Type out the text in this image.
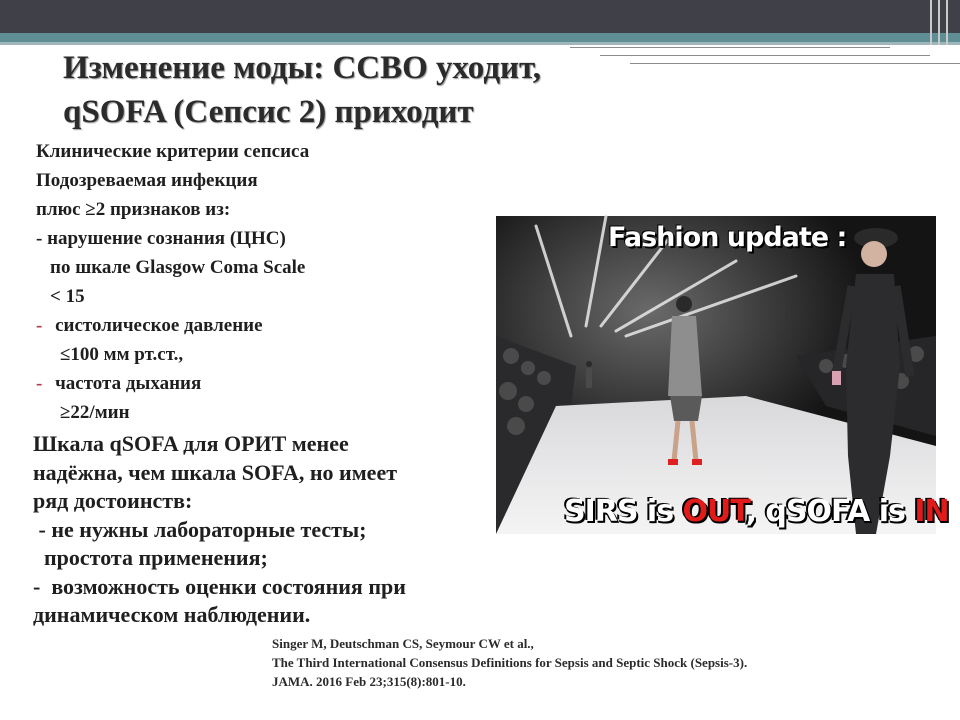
Изменение моды: ССВО уходит,
qSOFA (Сепсис 2) приходит
Клинические критерии сепсиса
Подозреваемая инфекция
плюс ≥2 признаков из:
- нарушение сознания (ЦНС)
по шкале Glasgow Coma Scale
< 15
- систолическое давление
≤100 мм рт.ст.,
- частота дыхания
≥22/мин
Шкала qSOFA для ОРИТ менее
надёжна, чем шкала SOFA, но имеет
ряд достоинств:
- не нужны лабораторные тесты;
простота применения;
-  возможность оценки состояния при
динамическом наблюдении.
Fashion update :
SIRS is OUT, qSOFA is IN
Singer M, Deutschman CS, Seymour CW et al.,
The Third International Consensus Definitions for Sepsis and Septic Shock (Sepsis-3).
JAMA. 2016 Feb 23;315(8):801-10.
